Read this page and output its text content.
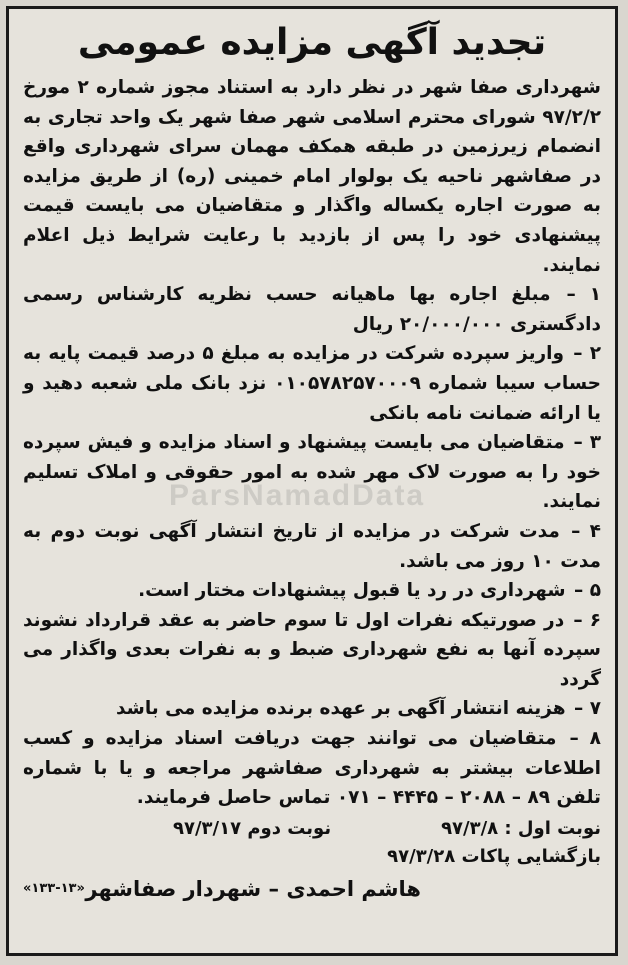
تجدید آگهی مزایده عمومی

شهرداری صفا شهر در نظر دارد به استناد مجوز شماره ۲ مورخ ۹۷/۲/۲ شورای محترم اسلامی شهر صفا شهر یک واحد تجاری به انضمام زیرزمین در طبقه همکف مهمان سرای شهرداری واقع در صفاشهر ناحیه یک بولوار امام خمینی (ره) از طریق مزایده به صورت اجاره یکساله واگذار و متقاضیان می بایست قیمت پیشنهادی خود را پس از بازدید با رعایت شرایط ذیل اعلام نمایند.

۱ – مبلغ اجاره بها ماهیانه حسب نظریه کارشناس رسمی دادگستری ۲۰/۰۰۰/۰۰۰ ریال
۲ – واریز سپرده شرکت در مزایده به مبلغ ۵ درصد قیمت پایه به حساب سیبا شماره ۰۱۰۵۷۸۲۵۷۰۰۰۹ نزد بانک ملی شعبه دهید و یا ارائه ضمانت نامه بانکی
۳ – متقاضیان می بایست پیشنهاد و اسناد مزایده و فیش سپرده خود را به صورت لاک مهر شده به امور حقوقی و املاک تسلیم نمایند.
۴ – مدت شرکت در مزایده از تاریخ انتشار آگهی نوبت دوم به مدت ۱۰ روز می باشد.
۵ – شهرداری در رد یا قبول پیشنهادات مختار است.
۶ – در صورتیکه نفرات اول تا سوم حاضر به عقد قرارداد نشوند سپرده آنها به نفع شهرداری ضبط و به نفرات بعدی واگذار می گردد
۷ – هزینه انتشار آگهی بر عهده برنده مزایده می باشد
۸ – متقاضیان می توانند جهت دریافت اسناد مزایده و کسب اطلاعات بیشتر به شهرداری صفاشهر مراجعه و یا با شماره تلفن ۸۹ – ۲۰۸۸ – ۴۴۴۵ – ۰۷۱ تماس حاصل فرمایند.
نوبت اول : ۹۷/۳/۸
نوبت دوم ۹۷/۳/۱۷
بازگشایی پاکات ۹۷/۳/۲۸
هاشم احمدی – شهردار صفاشهر
«۱۳۳-۱۳»
ParsNamadData
